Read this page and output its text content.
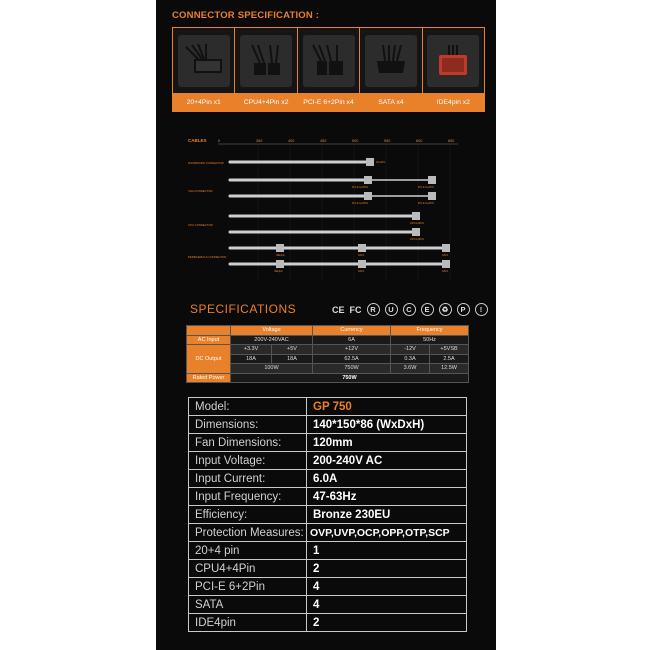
CONNECTOR SPECIFICATION :
20+4Pin x1	CPU4+4Pin x2	PCI-E 6+2Pin x4	SATA x4	IDE4pin x2
CABLES	0	350	400	450	500	550	600	650
MAINBOARD CONNECTOR
VGA CONNECTOR
CPU CONNECTOR
PERIPHERALS CONNECTOR
20+4Pin
PCI-E 6+2PIN	PCI-E 6+2PIN
PCI-E 6+2PIN	PCI-E 6+2PIN
CPU4+4PIN
CPU4+4PIN
SATA	SATA
IDE4pin	SATA
IDE4pin
SATA
SPECIFICATIONS	CE FC	R	U	C	E	♻	P	!
	Voltage		Currency	Frequency	
AC Input	200V-240VAC		6A	50Hz	
DC Output	+3.3V	+5V	+12V	-12V	+5VSB
	18A	18A	62.5A	0.3A	2.5A
	100W		750W	3.6W	12.5W
Rated Power	750W				
Model:	GP 750
Dimensions:	140*150*86 (WxDxH)
Fan Dimensions:	120mm
Input Voltage:	200-240V AC
Input Current:	6.0A
Input Frequency:	47-63Hz
Efficiency:	Bronze 230EU
Protection Measures:	OVP,UVP,OCP,OPP,OTP,SCP
20+4 pin	1
CPU4+4Pin	2
PCI-E 6+2Pin	4
SATA	4
IDE4pin	2
